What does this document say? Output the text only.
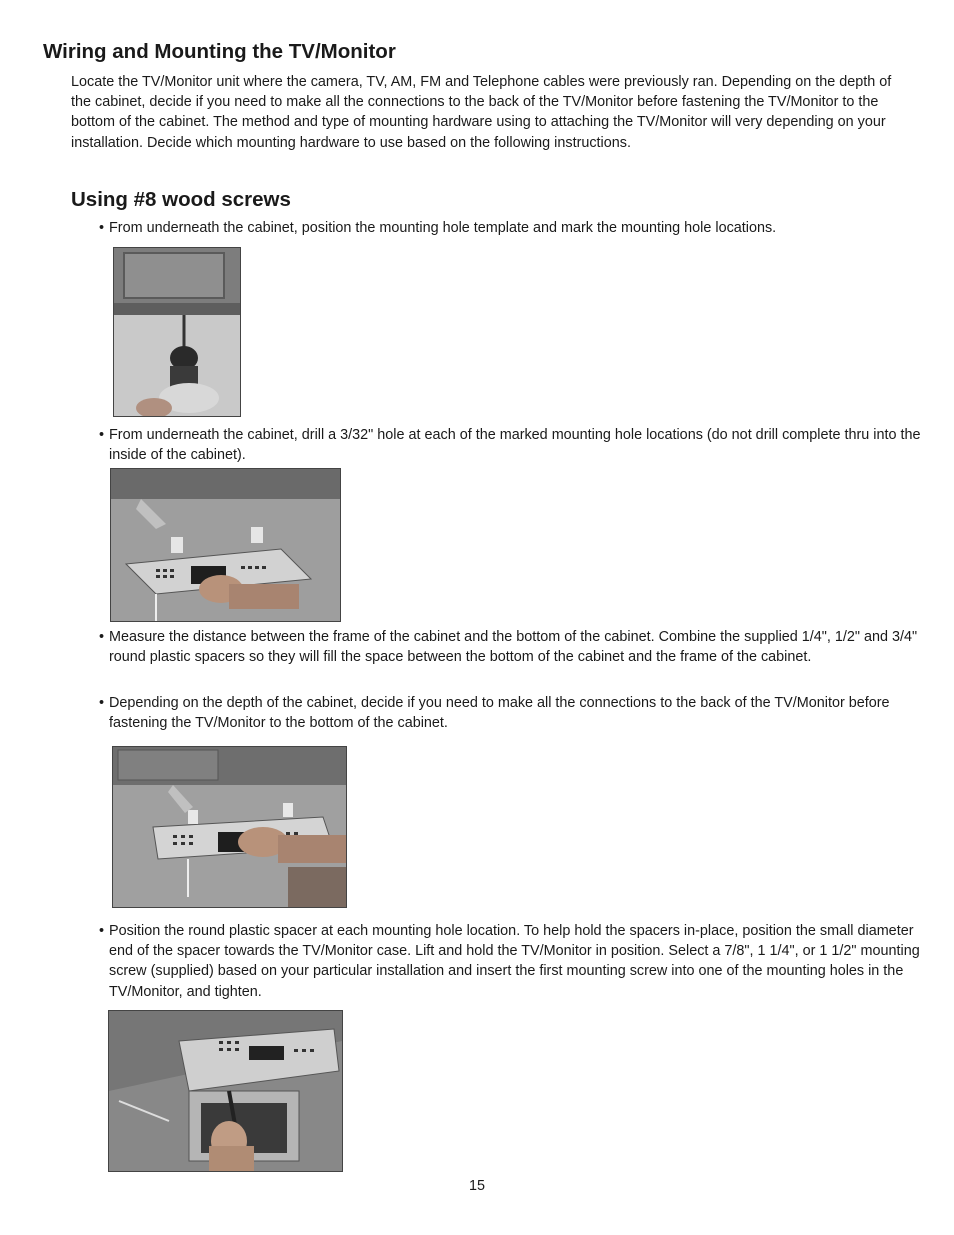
Wiring and Mounting the TV/Monitor

Locate the TV/Monitor unit where the camera, TV, AM, FM and Telephone cables were previously ran. Depending on the depth of the cabinet, decide if you need to make all the connections to the back of the TV/Monitor before fastening the TV/Monitor to the bottom of the cabinet. The method and type of mounting hardware using to attaching the TV/Monitor will very depending on your installation. Decide which mounting hardware to use based on the following instructions.

Using #8 wood screws
• From underneath the cabinet, position the mounting hole template and mark the mounting hole locations.
• From underneath the cabinet, drill a 3/32" hole at each of the marked mounting hole locations (do not drill complete thru into the inside of the cabinet).
• Measure the distance between the frame of the cabinet and the bottom of the cabinet. Combine the supplied 1/4", 1/2" and 3/4" round plastic spacers so they will fill the space between the bottom of the cabinet and the frame of the cabinet.
• Depending on the depth of the cabinet, decide if you need to make all the connections to the back of the TV/Monitor before fastening the TV/Monitor to the bottom of the cabinet.
• Position the round plastic spacer at each mounting hole location. To help hold the spacers in-place, position the small diameter end of the spacer towards the TV/Monitor case. Lift and hold the TV/Monitor in position. Select a 7/8", 1 1/4", or 1 1/2" mounting screw (supplied) based on your particular installation and insert the first mounting screw into one of the mounting holes in the TV/Monitor, and tighten.
15
